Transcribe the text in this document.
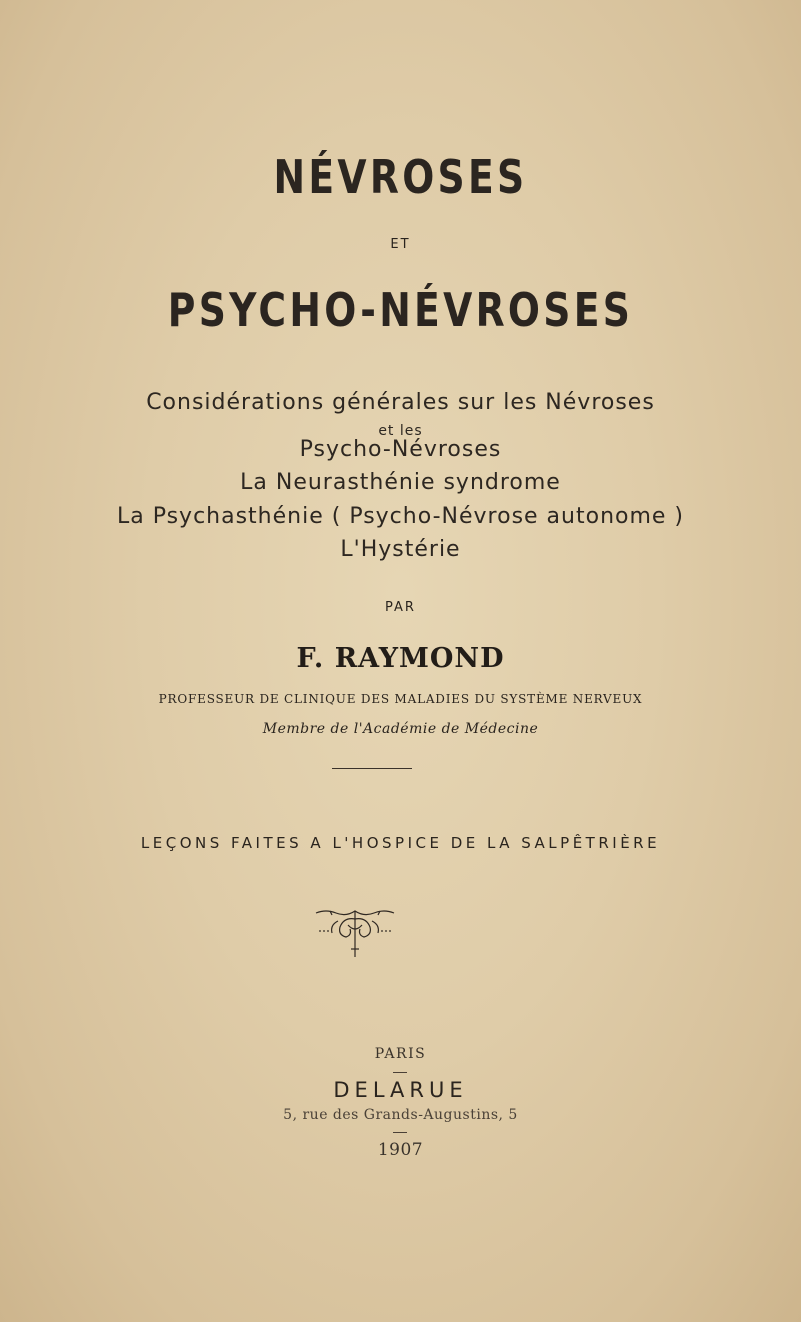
NÉVROSES
ET
PSYCHO-NÉVROSES
Considérations générales sur les Névroses
et les
Psycho-Névroses
La Neurasthénie syndrome
La Psychasthénie ( Psycho-Névrose autonome )
L'Hystérie
PAR
F. RAYMOND
PROFESSEUR DE CLINIQUE DES MALADIES DU SYSTÈME NERVEUX
Membre de l'Académie de Médecine
LEÇONS FAITES A L'HOSPICE DE LA SALPÊTRIÈRE
PARIS
DELARUE
5, rue des Grands-Augustins, 5
1907
